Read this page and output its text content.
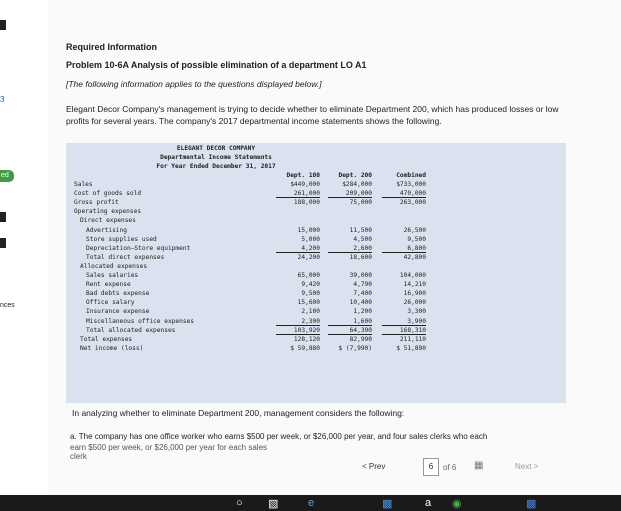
3
ed
nces
Required Information
Problem 10-6A Analysis of possible elimination of a department LO A1
[The following information applies to the questions displayed below.]
Elegant Decor Company's management is trying to decide whether to eliminate Department 200, which has produced losses or low profits for several years. The company's 2017 departmental income statements shows the following.
ELEGANT DECOR COMPANY
Departmental Income Statements
For Year Ended December 31, 2017
Dept. 100	Dept. 200	Combined
Sales	$449,000	$284,000	$733,000
Cost of goods sold	261,000	209,000	470,000
Gross profit	188,000	75,000	263,000
Operating expenses
Direct expenses
Advertising	15,000	11,500	26,500
Store supplies used	5,000	4,500	9,500
Depreciation—Store equipment	4,200	2,600	6,800
Total direct expenses	24,200	18,600	42,800
Allocated expenses
Sales salaries	65,000	39,000	104,000
Rent expense	9,420	4,790	14,210
Bad debts expense	9,500	7,400	16,900
Office salary	15,600	10,400	26,000
Insurance expense	2,100	1,200	3,300
Miscellaneous office expenses	2,300	1,600	3,900
Total allocated expenses	103,920	64,390	168,310
Total expenses	128,120	82,990	211,110
Net income (loss)	$ 59,880	$ (7,990)	$ 51,890
In analyzing whether to eliminate Department 200, management considers the following:
a. The company has one office worker who earns $500 per week, or $26,000 per year, and four sales clerks who each
earn $500 per week, or $26,000 per year for each sales clerk
< Prev	6	of 6 ▦	Next >
○ ▧	e	▩	a ◉	▩
